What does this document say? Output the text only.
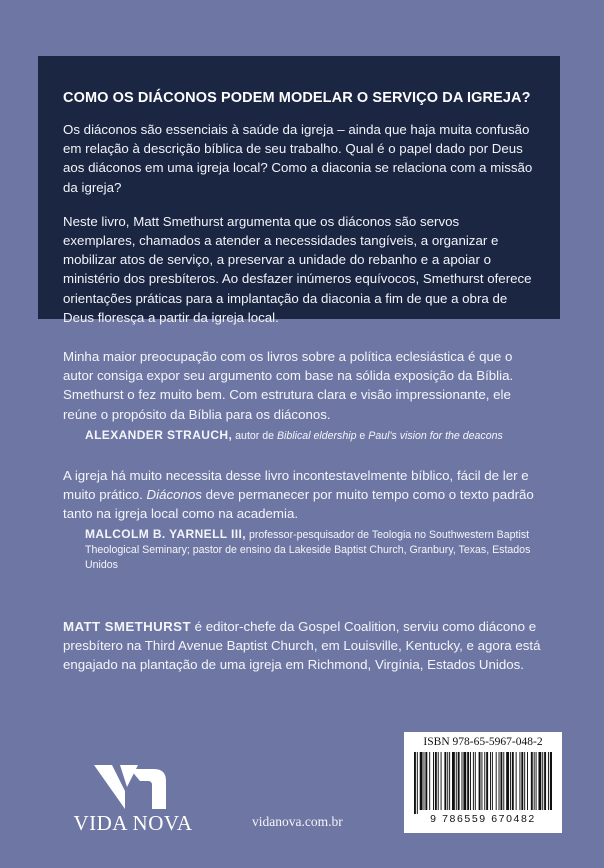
COMO OS DIÁCONOS PODEM MODELAR O SERVIÇO DA IGREJA?

Os diáconos são essenciais à saúde da igreja – ainda que haja muita confusão em relação à descrição bíblica de seu trabalho. Qual é o papel dado por Deus aos diáconos em uma igreja local? Como a diaconia se relaciona com a missão da igreja?

Neste livro, Matt Smethurst argumenta que os diáconos são servos exemplares, chamados a atender a necessidades tangíveis, a organizar e mobilizar atos de serviço, a preservar a unidade do rebanho e a apoiar o ministério dos presbíteros. Ao desfazer inúmeros equívocos, Smethurst oferece orientações práticas para a implantação da diaconia a fim de que a obra de Deus floresça a partir da igreja local.

Minha maior preocupação com os livros sobre a política eclesiástica é que o autor consiga expor seu argumento com base na sólida exposição da Bíblia. Smethurst o fez muito bem. Com estrutura clara e visão impressionante, ele reúne o propósito da Bíblia para os diáconos.

ALEXANDER STRAUCH, autor de Biblical eldership e Paul's vision for the deacons

A igreja há muito necessita desse livro incontestavelmente bíblico, fácil de ler e muito prático. Diáconos deve permanecer por muito tempo como o texto padrão tanto na igreja local como na academia.

MALCOLM B. YARNELL III, professor-pesquisador de Teologia no Southwestern Baptist Theological Seminary; pastor de ensino da Lakeside Baptist Church, Granbury, Texas, Estados Unidos

MATT SMETHURST é editor-chefe da Gospel Coalition, serviu como diácono e presbítero na Third Avenue Baptist Church, em Louisville, Kentucky, e agora está engajado na plantação de uma igreja em Richmond, Virgínia, Estados Unidos.

VIDA NOVA	vidanova.com.br
ISBN 978-65-5967-048-2
9 786559 670482
